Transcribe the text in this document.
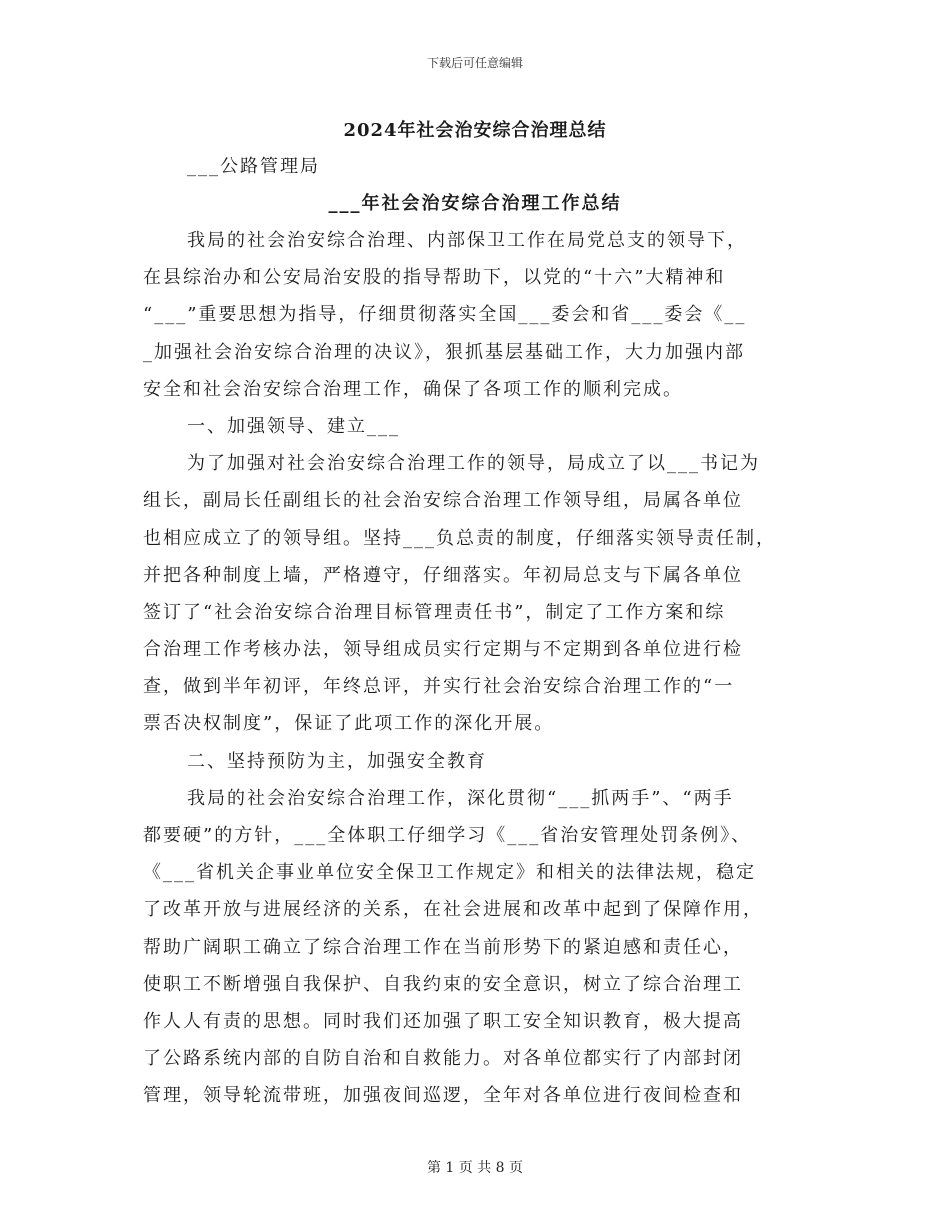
下载后可任意编辑
2024年社会治安综合治理总结
___公路管理局
___年社会治安综合治理工作总结
我局的社会治安综合治理、内部保卫工作在局党总支的领导下，
在县综治办和公安局治安股的指导帮助下，以党的“十六”大精神和
“___”重要思想为指导，仔细贯彻落实全国___委会和省___委会《__
_加强社会治安综合治理的决议》，狠抓基层基础工作，大力加强内部
安全和社会治安综合治理工作，确保了各项工作的顺利完成。
一、加强领导、建立___
为了加强对社会治安综合治理工作的领导，局成立了以___书记为
组长，副局长任副组长的社会治安综合治理工作领导组，局属各单位
也相应成立了的领导组。坚持___负总责的制度，仔细落实领导责任制，
并把各种制度上墙，严格遵守，仔细落实。年初局总支与下属各单位
签订了“社会治安综合治理目标管理责任书”，制定了工作方案和综
合治理工作考核办法，领导组成员实行定期与不定期到各单位进行检
查，做到半年初评，年终总评，并实行社会治安综合治理工作的“一
票否决权制度”，保证了此项工作的深化开展。
二、坚持预防为主，加强安全教育
我局的社会治安综合治理工作，深化贯彻“___抓两手”、“两手
都要硬”的方针，___全体职工仔细学习《___省治安管理处罚条例》、
《___省机关企事业单位安全保卫工作规定》和相关的法律法规，稳定
了改革开放与进展经济的关系，在社会进展和改革中起到了保障作用，
帮助广阔职工确立了综合治理工作在当前形势下的紧迫感和责任心，
使职工不断增强自我保护、自我约束的安全意识，树立了综合治理工
作人人有责的思想。同时我们还加强了职工安全知识教育，极大提高
了公路系统内部的自防自治和自救能力。对各单位都实行了内部封闭
管理，领导轮流带班，加强夜间巡逻，全年对各单位进行夜间检查和
第 1 页 共 8 页
